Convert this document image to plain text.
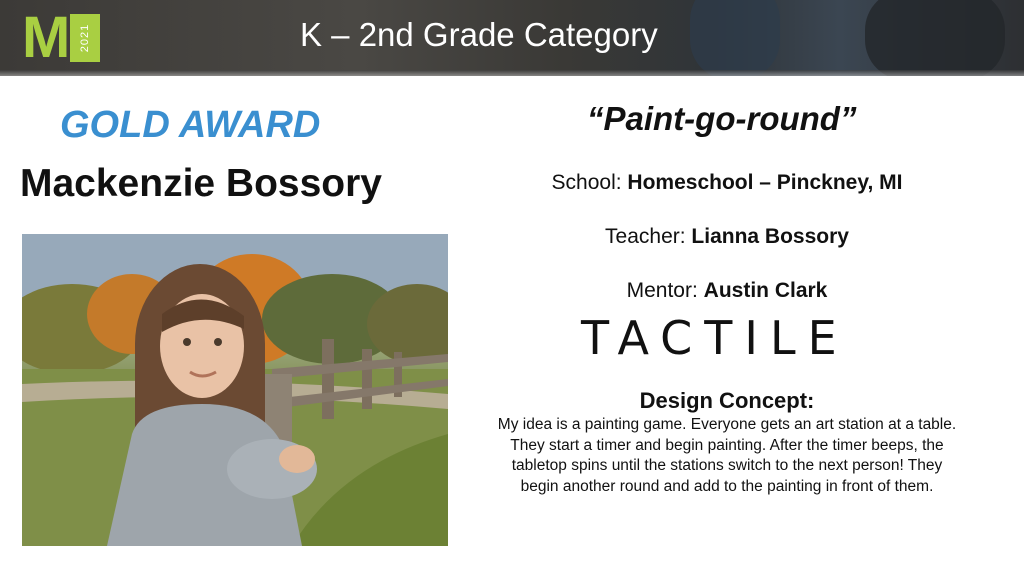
M 2021	K – 2nd Grade Category
GOLD AWARD
Mackenzie Bossory
“Paint-go-round”
School: Homeschool – Pinckney, MI
Teacher: Lianna Bossory
Mentor: Austin Clark
TACTILE
Design Concept:
My idea is a painting game. Everyone gets an art station at a table. They start a timer and begin painting. After the timer beeps, the tabletop spins until the stations switch to the next person! They begin another round and add to the painting in front of them.
